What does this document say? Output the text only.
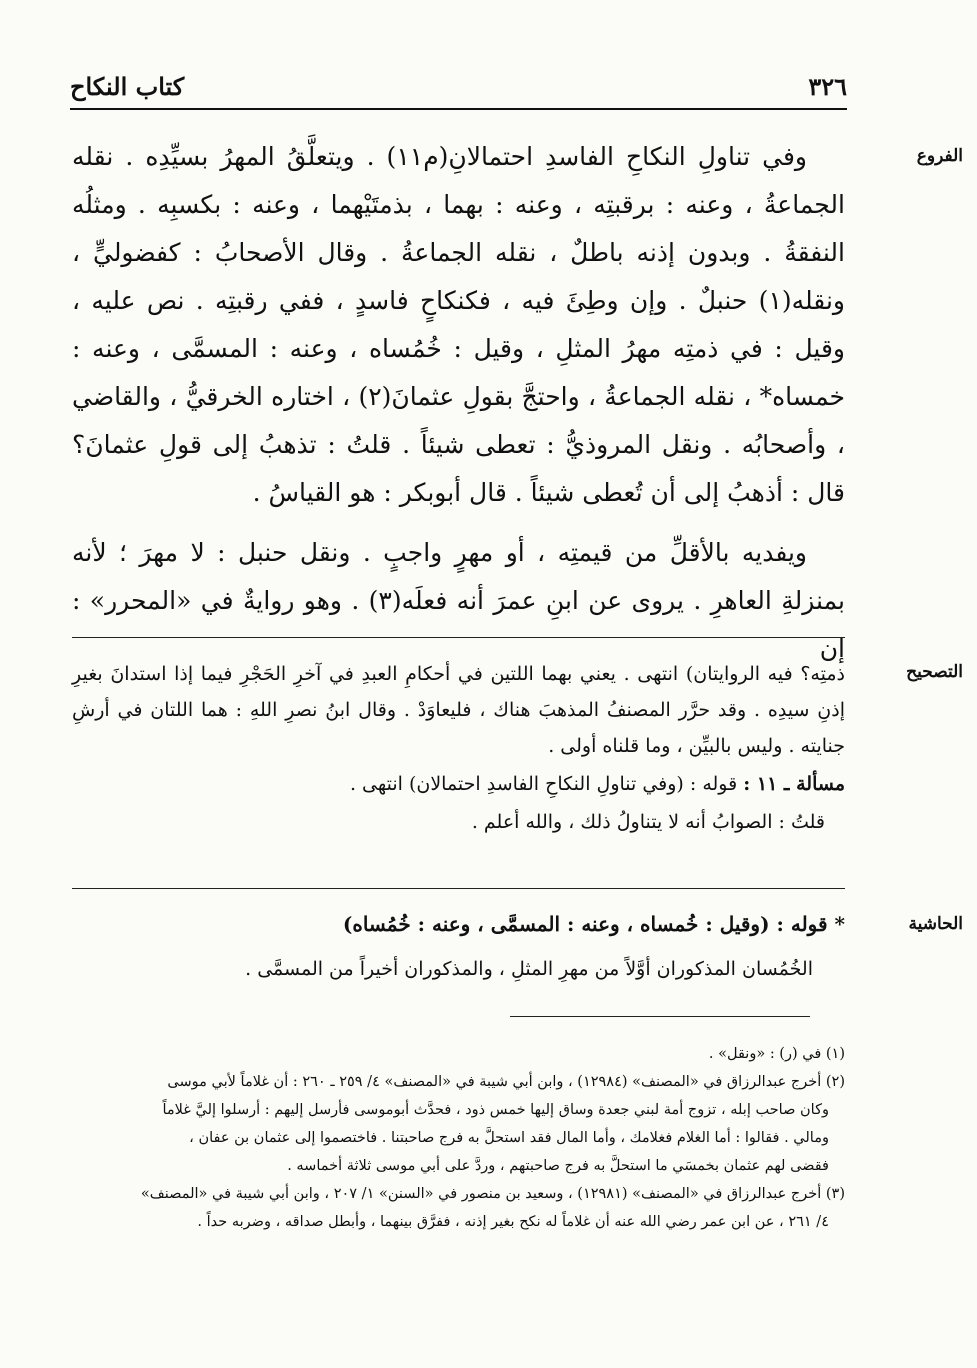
٣٢٦
كتاب النكاح
الفروع

وفي تناولِ النكاحِ الفاسدِ احتمالانِ(م١١) . ويتعلَّقُ المهرُ بسيِّدِه . نقله الجماعةُ ، وعنه : برقبتِه ، وعنه : بهما ، بذمتَيْهما ، وعنه : بكسبِه . ومثلُه النفقةُ . وبدون إذنه باطلٌ ، نقله الجماعةُ . وقال الأصحابُ : كفضوليٍّ ، ونقله(١) حنبلٌ . وإن وطِئَ فيه ، فكنكاحٍ فاسدٍ ، ففي رقبتِه . نص عليه ، وقيل : في ذمتِه مهرُ المثلِ ، وقيل : خُمُساه ، وعنه : المسمَّى ، وعنه : خمساه* ، نقله الجماعةُ ، واحتجَّ بقولِ عثمانَ(٢) ، اختاره الخرقيُّ ، والقاضي ، وأصحابُه . ونقل المروذيُّ : تعطى شيئاً . قلتُ : تذهبُ إلى قولِ عثمانَ؟ قال : أذهبُ إلى أن تُعطى شيئاً . قال أبوبكر : هو القياسُ .

ويفديه بالأقلِّ من قيمتِه ، أو مهرٍ واجبٍ . ونقل حنبل : لا مهرَ ؛ لأنه بمنزلةِ العاهرِ . يروى عن ابنِ عمرَ أنه فعلَه(٣) . وهو روايةٌ في «المحرر» : إن

التصحيح

ذمتِه؟ فيه الروايتان) انتهى . يعني بهما اللتين في أحكامِ العبدِ في آخرِ الحَجْرِ فيما إذا استدانَ بغيرِ إذنِ سيدِه . وقد حرَّر المصنفُ المذهبَ هناك ، فليعاوَدْ . وقال ابنُ نصرِ اللهِ : هما اللتان في أرشِ جنايته . وليس بالبيِّن ، وما قلناه أولى .

مسألة ـ ١١ : قوله : (وفي تناولِ النكاحِ الفاسدِ احتمالان) انتهى .

قلتُ : الصوابُ أنه لا يتناولُ ذلك ، والله أعلم .

الحاشية
* قوله : (وقيل : خُمساه ، وعنه : المسمَّى ، وعنه : خُمُساه)
الخُمُسان المذكوران أوَّلاً من مهرِ المثلِ ، والمذكوران أخيراً من المسمَّى .

(١) في (ر) : «ونقل» .

(٢) أخرج عبدالرزاق في «المصنف» (١٢٩٨٤) ، وابن أبي شيبة في «المصنف» ٤/ ٢٥٩ ـ ٢٦٠ : أن غلاماً لأبي موسى

وكان صاحب إبله ، تزوج أمة لبني جعدة وساق إليها خمس ذود ، فحدَّث أبوموسى فأرسل إليهم : أرسلوا إليَّ غلاماً

ومالي . فقالوا : أما الغلام فغلامك ، وأما المال فقد استحلَّ به فرج صاحبتنا . فاختصموا إلى عثمان بن عفان ،

فقضى لهم عثمان بخمسَي ما استحلَّ به فرج صاحبتهم ، وردَّ على أبي موسى ثلاثة أخماسه .

(٣) أخرج عبدالرزاق في «المصنف» (١٢٩٨١) ، وسعيد بن منصور في «السنن» ١/ ٢٠٧ ، وابن أبي شيبة في «المصنف»

٤/ ٢٦١ ، عن ابن عمر رضي الله عنه أن غلاماً له نكح بغير إذنه ، ففرَّق بينهما ، وأبطل صداقه ، وضربه حداً .
